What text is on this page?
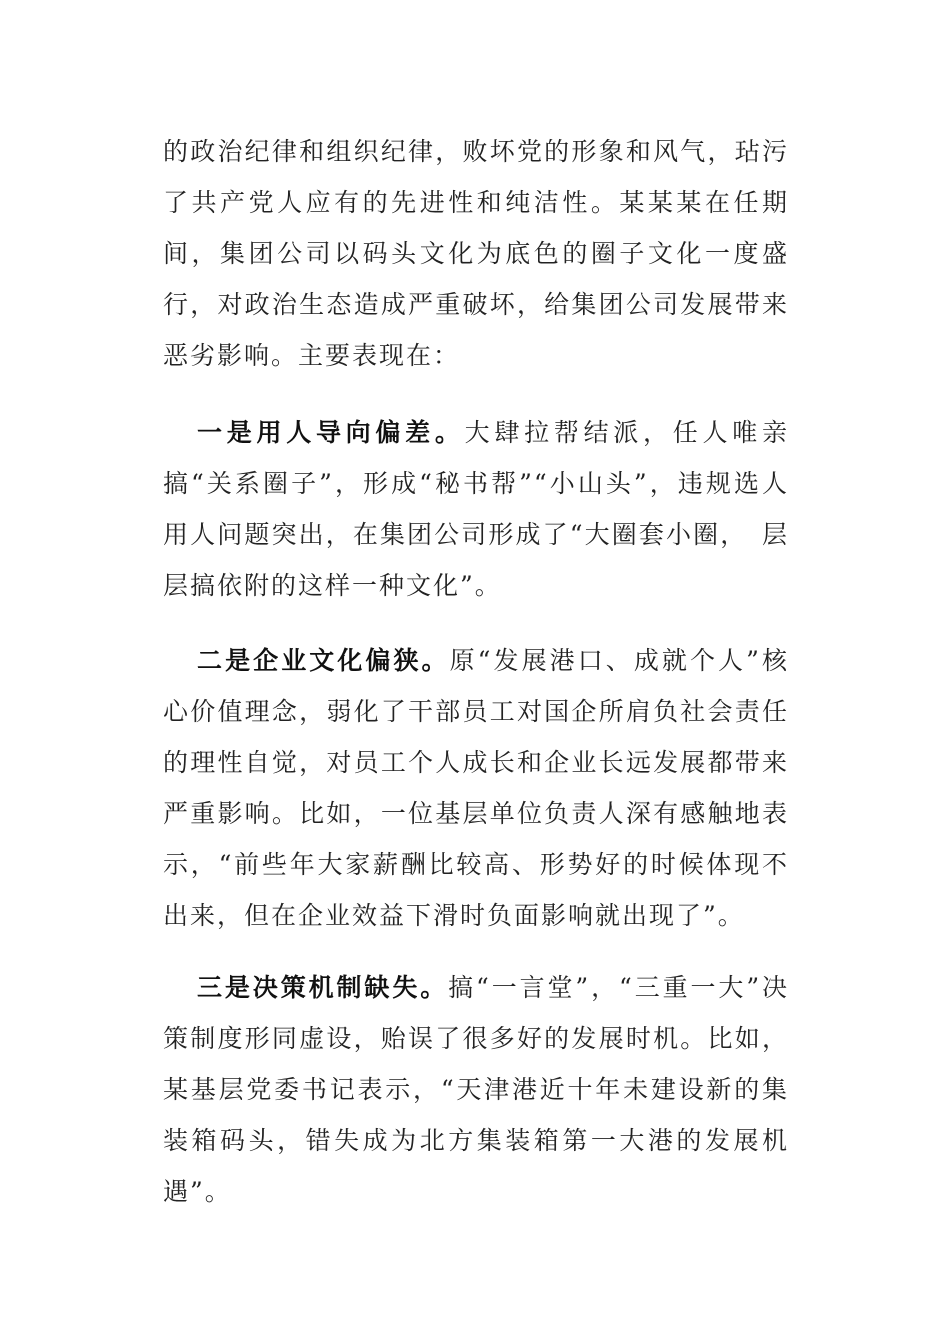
的政治纪律和组织纪律，败坏党的形象和风气，玷污了共产党人应有的先进性和纯洁性。某某某在任期间，集团公司以码头文化为底色的圈子文化一度盛行，对政治生态造成严重破坏，给集团公司发展带来恶劣影响。主要表现在：

一是用人导向偏差。大肆拉帮结派，任人唯亲搞“关系圈子”，形成“秘书帮”“小山头”，违规选人用人问题突出，在集团公司形成了“大圈套小圈，　层层搞依附的这样一种文化”。

二是企业文化偏狭。原“发展港口、成就个人”核心价值理念，弱化了干部员工对国企所肩负社会责任的理性自觉，对员工个人成长和企业长远发展都带来严重影响。比如，一位基层单位负责人深有感触地表示，“前些年大家薪酬比较高、形势好的时候体现不出来，但在企业效益下滑时负面影响就出现了”。

三是决策机制缺失。搞“一言堂”，“三重一大”决策制度形同虚设，贻误了很多好的发展时机。比如，某基层党委书记表示，“天津港近十年未建设新的集装箱码头，错失成为北方集装箱第一大港的发展机遇”。
